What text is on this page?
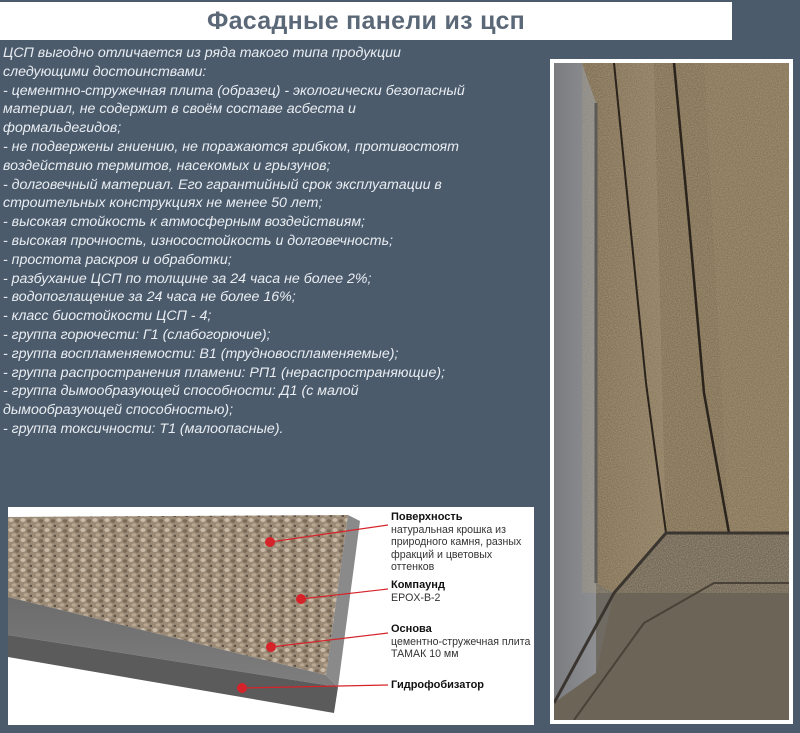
Фасадные панели из цсп
ЦСП выгодно отличается из ряда такого типа продукции следующими достоинствами:
- цементно-стружечная плита (образец) - экологически безопасный материал, не содержит в своём составе асбеста и формальдегидов;
- не подвержены гниению, не поражаются грибком, противостоят воздействию термитов, насекомых и грызунов;
- долговечный материал. Его гарантийный срок эксплуатации в строительных конструкциях не менее 50 лет;
- высокая стойкость к атмосферным воздействиям;
- высокая прочность, износостойкость и долговечность;
- простота раскроя и обработки;
- разбухание ЦСП по толщине за 24 часа не более 2%;
- водопоглащение за 24 часа не более 16%;
- класс биостойкости ЦСП - 4;
- группа горючести: Г1 (слабогорючие);
- группа воспламеняемости: В1 (трудновоспламеняемые);
- группа распространения пламени: РП1 (нераспространяющие);
- группа дымообразующей способности: Д1 (с малой дымообразующей способностью);
- группа токсичности: Т1 (малоопасные).
Поверхность
натуральная крошка из природного камня, разных фракций и цветовых оттенков
Компаунд
EPOX-B-2
Основа
цементно-стружечная плита ТАМАК 10 мм
Гидрофобизатор
